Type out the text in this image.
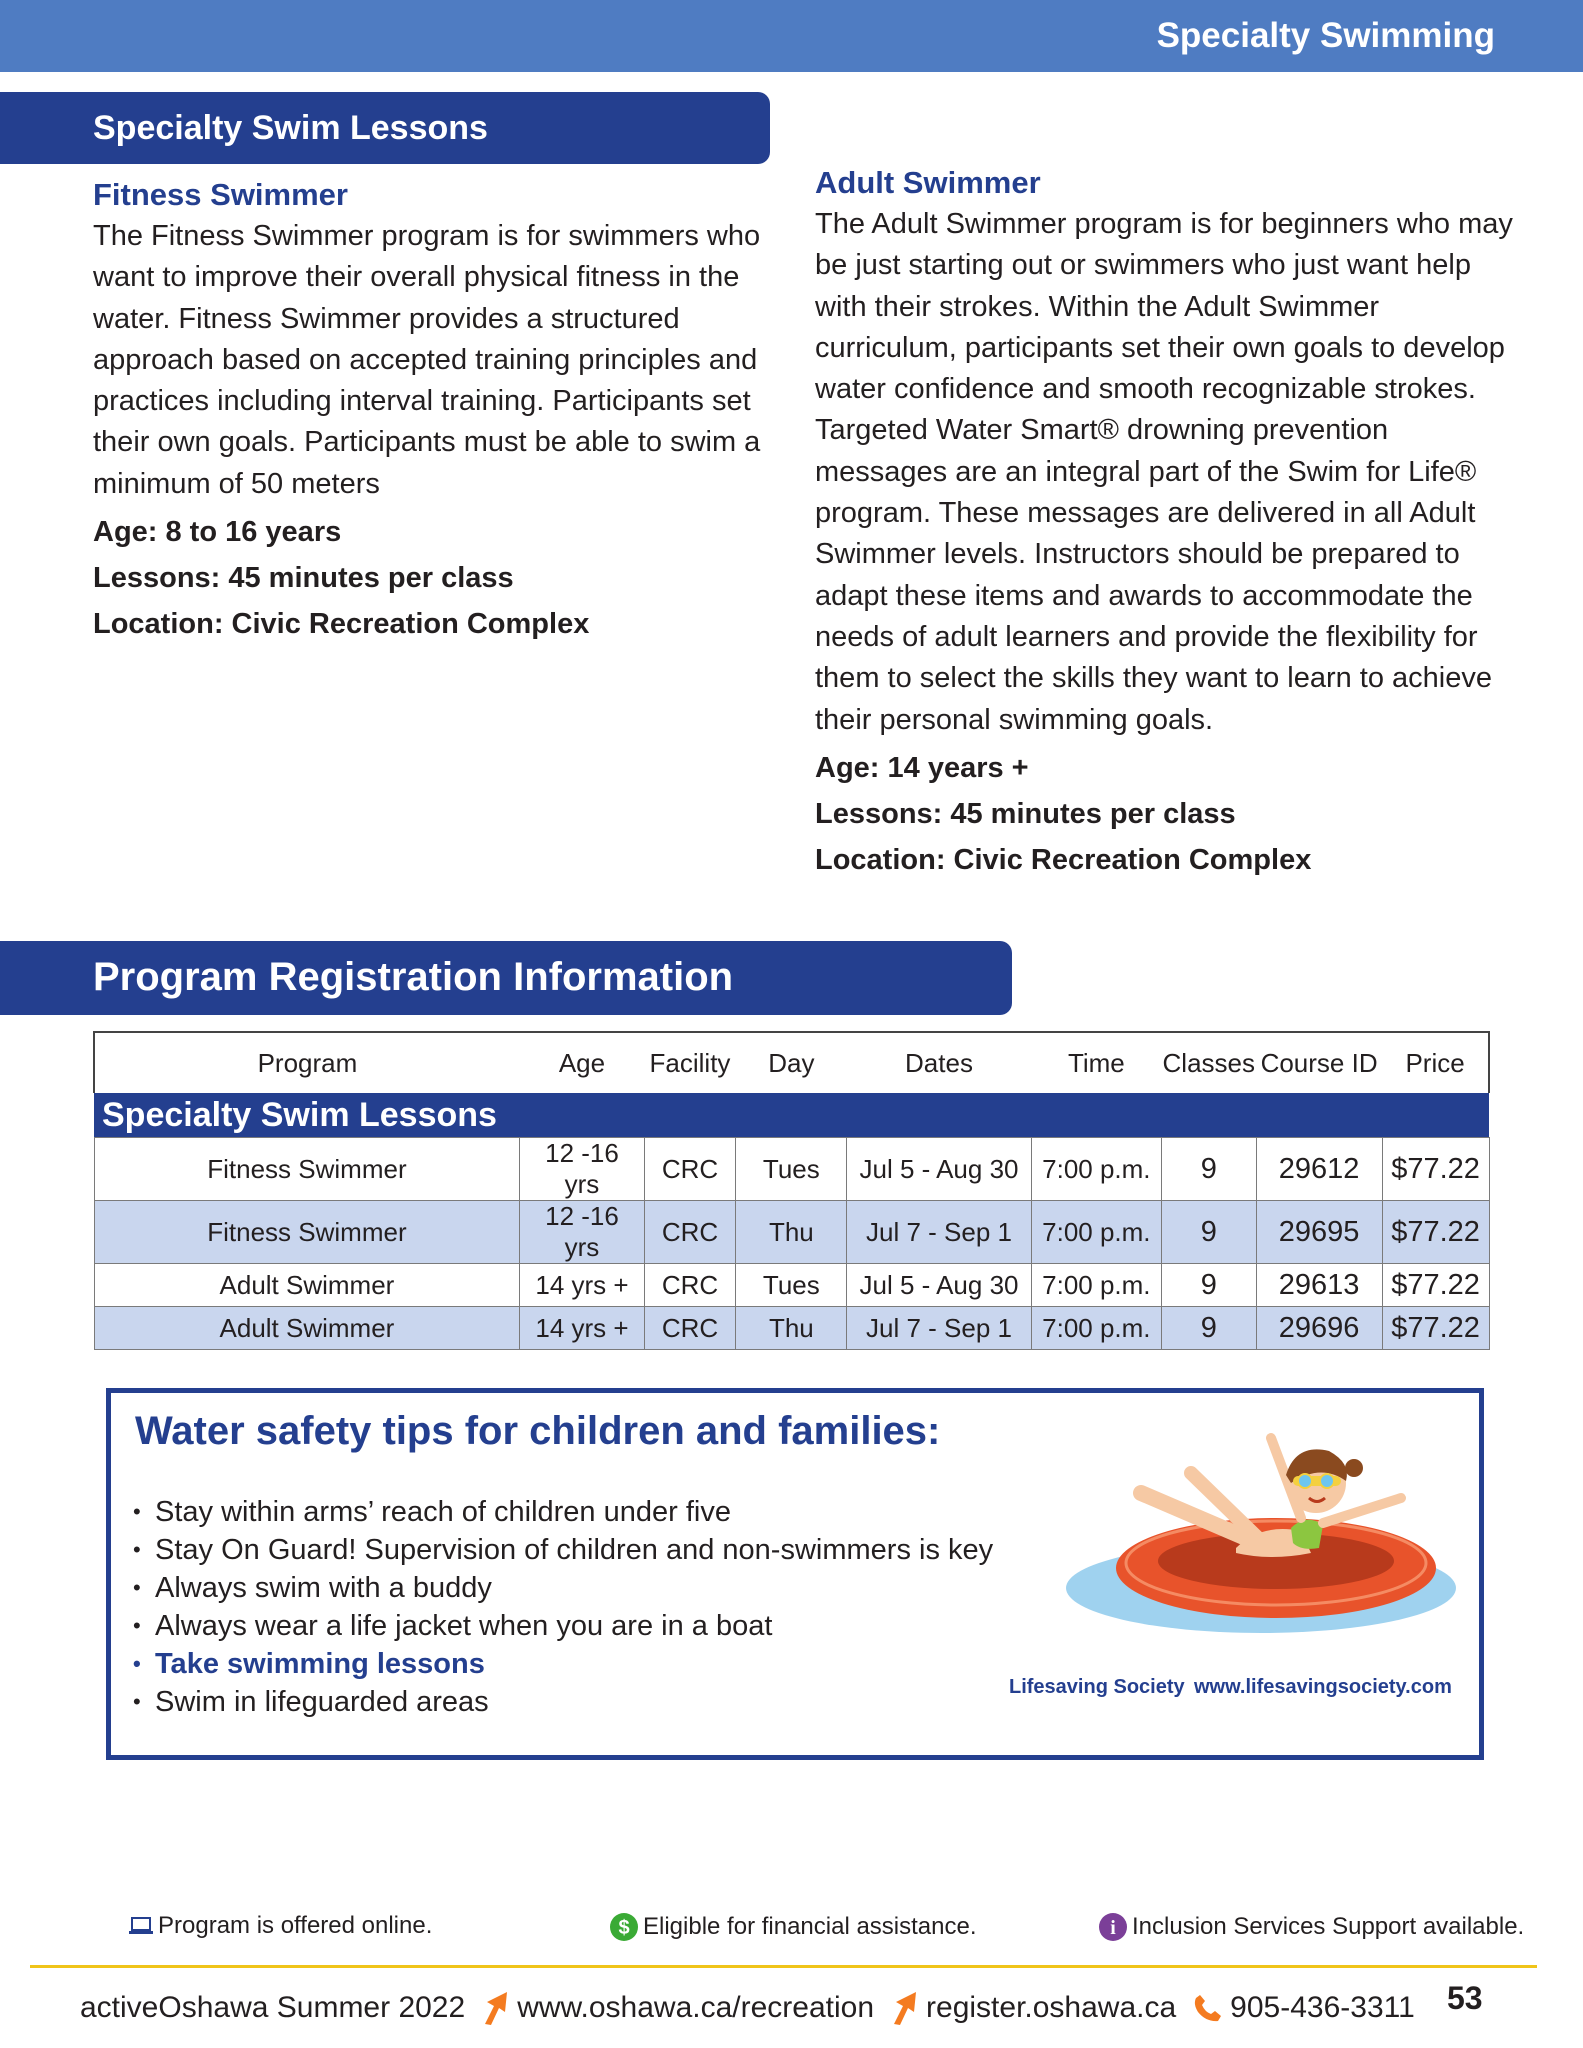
Specialty Swimming
Specialty Swim Lessons
Fitness Swimmer

The Fitness Swimmer program is for swimmers who want to improve their overall physical fitness in the water. Fitness Swimmer provides a structured approach based on accepted training principles and practices including interval training. Participants set their own goals. Participants must be able to swim a minimum of 50 meters

Age: 8 to 16 years

Lessons: 45 minutes per class

Location: Civic Recreation Complex

Adult Swimmer

The Adult Swimmer program is for beginners who may be just starting out or swimmers who just want help with their strokes. Within the Adult Swimmer curriculum, participants set their own goals to develop water confidence and smooth recognizable strokes. Targeted Water Smart® drowning prevention messages are an integral part of the Swim for Life® program. These messages are delivered in all Adult Swimmer levels. Instructors should be prepared to adapt these items and awards to accommodate the needs of adult learners and provide the flexibility for them to select the skills they want to learn to achieve their personal swimming goals.

Age: 14 years +

Lessons: 45 minutes per class

Location: Civic Recreation Complex

Program Registration Information
Program	Age	Facility	Day	Dates	Time	Classes	Course ID	Price
Specialty Swim Lessons								
Fitness Swimmer	12 -16 yrs	CRC	Tues	Jul 5 - Aug 30	7:00 p.m.	9	29612	$77.22
Fitness Swimmer	12 -16 yrs	CRC	Thu	Jul 7 - Sep 1	7:00 p.m.	9	29695	$77.22
Adult Swimmer	14 yrs +	CRC	Tues	Jul 5 - Aug 30	7:00 p.m.	9	29613	$77.22
Adult Swimmer	14 yrs +	CRC	Thu	Jul 7 - Sep 1	7:00 p.m.	9	29696	$77.22
Water safety tips for children and families:
• Stay within arms’ reach of children under five
• Stay On Guard! Supervision of children and non-swimmers is key
• Always swim with a buddy
• Always wear a life jacket when you are in a boat
• Take swimming lessons
• Swim in lifeguarded areas	Lifesaving Society www.lifesavingsociety.com
Program is offered online.	$ Eligible for financial assistance.	i Inclusion Services Support available.
activeOshawa Summer 2022 www.oshawa.ca/recreation register.oshawa.ca 905-436-3311 53
